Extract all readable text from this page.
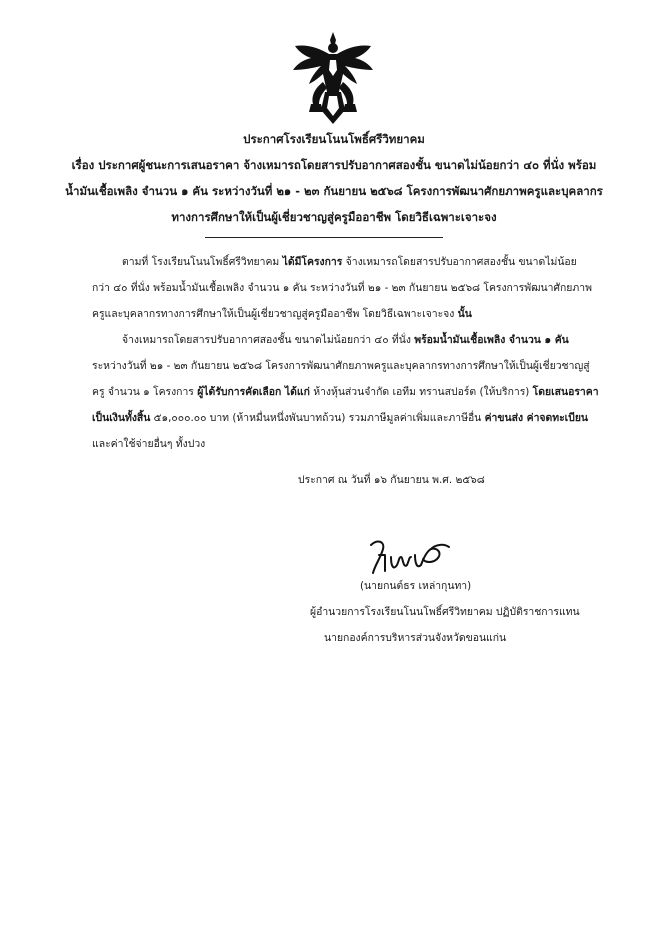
ประกาศโรงเรียนโนนโพธิ์ศรีวิทยาคม
เรื่อง ประกาศผู้ชนะการเสนอราคา จ้างเหมารถโดยสารปรับอากาศสองชั้น ขนาดไม่น้อยกว่า ๔๐ ที่นั่ง พร้อม
น้ำมันเชื้อเพลิง จำนวน ๑ คัน ระหว่างวันที่ ๒๑ - ๒๓ กันยายน ๒๕๖๘ โครงการพัฒนาศักยภาพครูและบุคลากร
ทางการศึกษาให้เป็นผู้เชี่ยวชาญสู่ครูมืออาชีพ โดยวิธีเฉพาะเจาะจง
ตามที่ โรงเรียนโนนโพธิ์ศรีวิทยาคม ได้มีโครงการ จ้างเหมารถโดยสารปรับอากาศสองชั้น ขนาดไม่น้อย
กว่า ๔๐ ที่นั่ง พร้อมน้ำมันเชื้อเพลิง จำนวน ๑ คัน ระหว่างวันที่ ๒๑ - ๒๓ กันยายน ๒๕๖๘ โครงการพัฒนาศักยภาพ
ครูและบุคลากรทางการศึกษาให้เป็นผู้เชี่ยวชาญสู่ครูมืออาชีพ โดยวิธีเฉพาะเจาะจง นั้น
จ้างเหมารถโดยสารปรับอากาศสองชั้น ขนาดไม่น้อยกว่า ๔๐ ที่นั่ง พร้อมน้ำมันเชื้อเพลิง จำนวน ๑ คัน
ระหว่างวันที่ ๒๑ - ๒๓ กันยายน ๒๕๖๘ โครงการพัฒนาศักยภาพครูและบุคลากรทางการศึกษาให้เป็นผู้เชี่ยวชาญสู่
ครู จำนวน ๑ โครงการ ผู้ได้รับการคัดเลือก ได้แก่ ห้างหุ้นส่วนจำกัด เอทีม ทรานสปอร์ต (ให้บริการ) โดยเสนอราคา
เป็นเงินทั้งสิ้น ๕๑,๐๐๐.๐๐ บาท (ห้าหมื่นหนึ่งพันบาทถ้วน) รวมภาษีมูลค่าเพิ่มและภาษีอื่น ค่าขนส่ง ค่าจดทะเบียน
และค่าใช้จ่ายอื่นๆ ทั้งปวง
ประกาศ ณ วันที่ ๑๖ กันยายน พ.ศ. ๒๕๖๘
(นายกนต์ธร เหล่ากุนทา)
ผู้อำนวยการโรงเรียนโนนโพธิ์ศรีวิทยาคม ปฏิบัติราชการแทน
นายกองค์การบริหารส่วนจังหวัดขอนแก่น
